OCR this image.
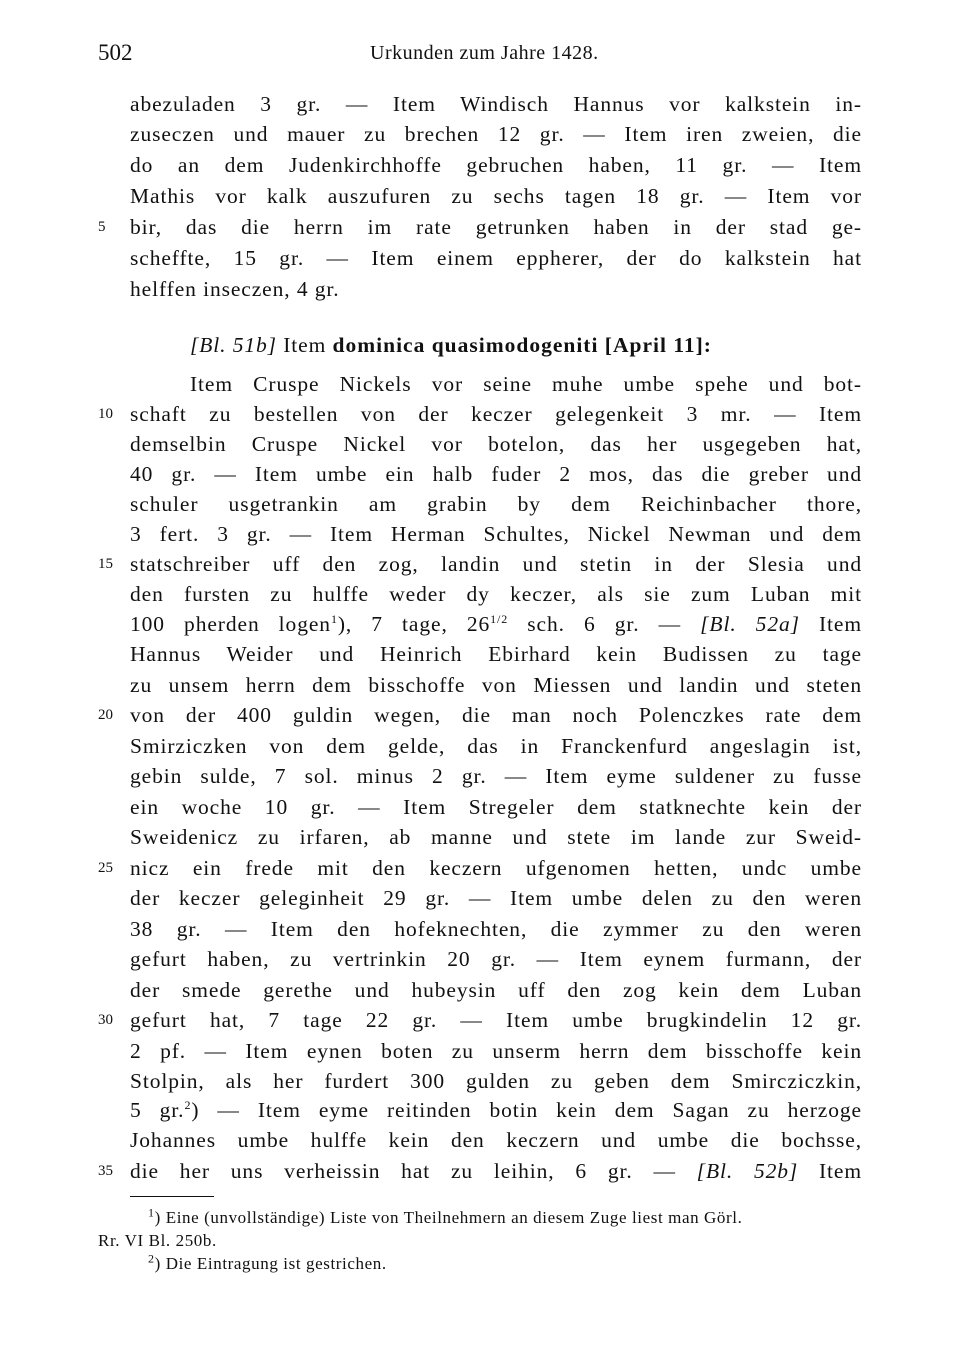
502	Urkunden zum Jahre 1428.
abezuladen 3 gr. — Item Windisch Hannus vor kalkstein in-
zuseczen und mauer zu brechen 12 gr. — Item iren zweien, die
do an dem Judenkirchhoffe gebruchen haben, 11 gr. — Item
Mathis vor kalk auszufuren zu sechs tagen 18 gr. — Item vor
5	bir, das die herrn im rate getrunken haben in der stad ge-
scheffte, 15 gr. — Item einem eppherer, der do kalkstein hat
helffen inseczen, 4 gr.
[Bl. 51b] Item dominica quasimodogeniti [April 11]:
Item Cruspe Nickels vor seine muhe umbe spehe und bot-
10 schaft zu bestellen von der keczer gelegenkeit 3 mr. — Item
demselbin Cruspe Nickel vor botelon, das her usgegeben hat,
40 gr. — Item umbe ein halb fuder 2 mos, das die greber und
schuler usgetrankin am grabin by dem Reichinbacher thore,
3 fert. 3 gr. — Item Herman Schultes, Nickel Newman und dem
15 statschreiber uff den zog, landin und stetin in der Slesia und
den fursten zu hulffe weder dy keczer, als sie zum Luban mit
100 pherden logen$^1$), 7 tage, $26^{1/2}$ sch. 6 gr. — [Bl. 52a] Item
Hannus Weider und Heinrich Ebirhard kein Budissen zu tage
zu unsem herrn dem bisschoffe von Miessen und landin und steten
20 von der 400 guldin wegen, die man noch Polenczkes rate dem
Smirziczken von dem gelde, das in Franckenfurd angeslagin ist,
gebin sulde, 7 sol. minus 2 gr. — Item eyme suldener zu fusse
ein woche 10 gr. — Item Stregeler dem statknechte kein der
Sweidenicz zu irfaren, ab manne und stete im lande zur Sweid-
25 nicz ein frede mit den keczern ufgenomen hetten, undc umbe
der keczer geleginheit 29 gr. — Item umbe delen zu den weren
38 gr. — Item den hofeknechten, die zymmer zu den weren
gefurt haben, zu vertrinkin 20 gr. — Item eynem furmann, der
der smede gerethe und hubeysin uff den zog kein dem Luban
30 gefurt hat, 7 tage 22 gr. — Item umbe brugkindelin 12 gr.
2 pf. — Item eynen boten zu unserm herrn dem bisschoffe kein
Stolpin, als her furdert 300 gulden zu geben dem Smircziczkin,
5 gr.$^2$) — Item eyme reitinden botin kein dem Sagan zu herzoge
Johannes umbe hulffe kein den keczern und umbe die bochsse,
35 die her uns verheissin hat zu leihin, 6 gr. — [Bl. 52b] Item
$^1$) Eine (unvollständige) Liste von Theilnehmern an diesem Zuge liest man Görl.
Rr. VI Bl. 250b.
$^2$) Die Eintragung ist gestrichen.
